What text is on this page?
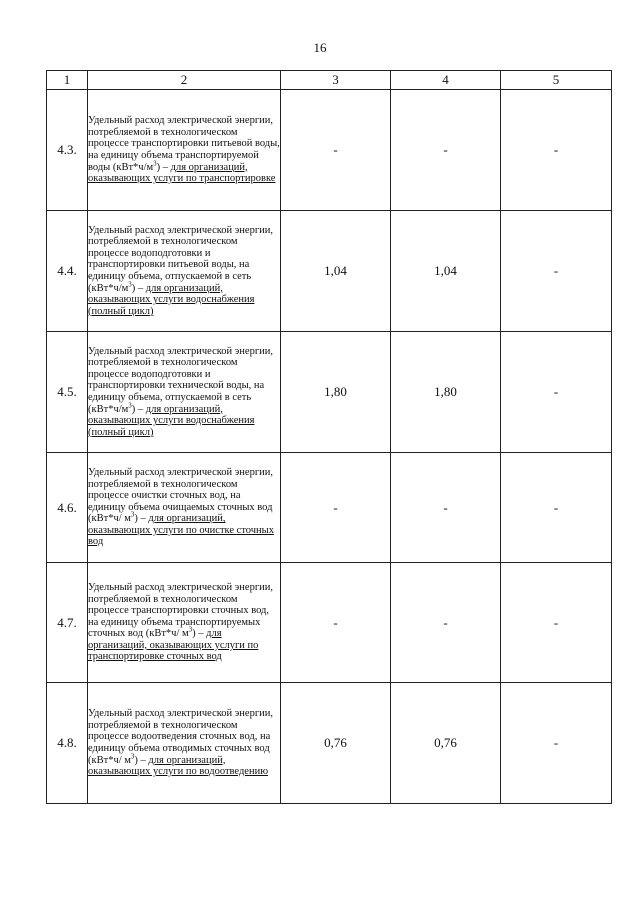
16
1	2	3	4	5
4.3.	Удельный расход электрической энергии, потребляемой в технологическом процессе транспортировки питьевой воды, на единицу объема транспортируемой воды $(кВт*ч/м^3)$ – для организаций, оказывающих услуги по транспортировке	-	-	-
4.4.	Удельный расход электрической энергии, потребляемой в технологическом процессе водоподготовки и транспортировки питьевой воды, на единицу объема, отпускаемой в сеть $(кВт*ч/м^3)$ – для организаций, оказывающих услуги водоснабжения (полный цикл)	1,04	1,04	-
4.5.	Удельный расход электрической энергии, потребляемой в технологическом процессе водоподготовки и транспортировки технической воды, на единицу объема, отпускаемой в сеть $(кВт*ч/м^3)$ – для организаций, оказывающих услуги водоснабжения (полный цикл)	1,80	1,80	-
4.6.	Удельный расход электрической энергии, потребляемой в технологическом процессе очистки сточных вод, на единицу объема очищаемых сточных вод (кВт*ч/ $м^3$) – для организаций, оказывающих услуги по очистке сточных вод	-	-	-
4.7.	Удельный расход электрической энергии, потребляемой в технологическом процессе транспортировки сточных вод, на единицу объема транспортируемых сточных вод (кВт*ч/ $м^3$) – для организаций, оказывающих услуги по транспортировке сточных вод	-	-	-
4.8.	Удельный расход электрической энергии, потребляемой в технологическом процессе водоотведения сточных вод, на единицу объема отводимых сточных вод (кВт*ч/ $м^3$) – для организаций, оказывающих услуги по водоотведению	0,76	0,76	-
